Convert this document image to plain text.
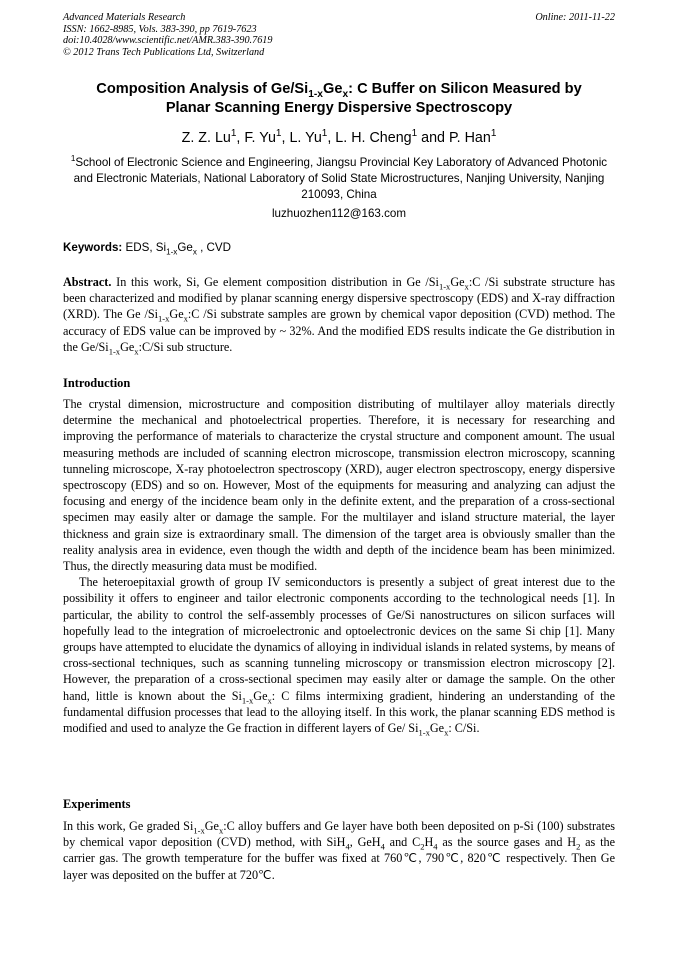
Advanced Materials Research
ISSN: 1662-8985, Vols. 383-390, pp 7619-7623
doi:10.4028/www.scientific.net/AMR.383-390.7619
© 2012 Trans Tech Publications Ltd, Switzerland
Online: 2011-11-22
Composition Analysis of $Ge/Si_{1-x}Ge_x$: C Buffer on Silicon Measured by
Planar Scanning Energy Dispersive Spectroscopy
Z. Z. Lu$^1$, F. Yu$^1$, L. Yu$^1$, L. H. Cheng$^1$ and P. Han$^1$
$^1$School of Electronic Science and Engineering, Jiangsu Provincial Key Laboratory of Advanced Photonic and Electronic Materials, National Laboratory of Solid State Microstructures, Nanjing University, Nanjing 210093, China
luzhuozhen112@163.com
Keywords: EDS, $Si_{1-x}Ge_x$ , CVD

Abstract. In this work, Si, Ge element composition distribution in Ge $/Si_{1-x}Ge_x:C$ /Si substrate structure has been characterized and modified by planar scanning energy dispersive spectroscopy (EDS) and X-ray diffraction (XRD). The Ge $/Si_{1-x}Ge_x:C$ /Si substrate samples are grown by chemical vapor deposition (CVD) method. The accuracy of EDS value can be improved by ~ 32%. And the modified EDS results indicate the Ge distribution in the $Ge/Si_{1-x}Ge_x:C/Si$ sub structure.

Introduction

The crystal dimension, microstructure and composition distributing of multilayer alloy materials directly determine the mechanical and photoelectrical properties. Therefore, it is necessary for researching and improving the performance of materials to characterize the crystal structure and component amount. The usual measuring methods are included of scanning electron microscope, transmission electron microscopy, scanning tunneling microscope, X-ray photoelectron spectroscopy (XRD), auger electron spectroscopy, energy dispersive spectroscopy (EDS) and so on. However, Most of the equipments for measuring and analyzing can adjust the focusing and energy of the incidence beam only in the definite extent, and the preparation of a cross-sectional specimen may easily alter or damage the sample. For the multilayer and island structure material, the layer thickness and grain size is extraordinary small. The dimension of the target area is obviously smaller than the reality analysis area in evidence, even though the width and depth of the incidence beam has been minimized. Thus, the directly measuring data must be modified.

The heteroepitaxial growth of group IV semiconductors is presently a subject of great interest due to the possibility it offers to engineer and tailor electronic components according to the technological needs [1]. In particular, the ability to control the self-assembly processes of Ge/Si nanostructures on silicon surfaces will hopefully lead to the integration of microelectronic and optoelectronic devices on the same Si chip [1]. Many groups have attempted to elucidate the dynamics of alloying in individual islands in related systems, by means of cross-sectional techniques, such as scanning tunneling microscopy or transmission electron microscopy [2]. However, the preparation of a cross-sectional specimen may easily alter or damage the sample. On the other hand, little is known about the $Si_{1-x}Ge_x$: C films intermixing gradient, hindering an understanding of the fundamental diffusion processes that lead to the alloying itself. In this work, the planar scanning EDS method is modified and used to analyze the Ge fraction in different layers of Ge/ $Si_{1-x}Ge_x$: C/Si.

Experiments

In this work, Ge graded $Si_{1-x}Ge_x:C$ alloy buffers and Ge layer have both been deposited on p-Si (100) substrates by chemical vapor deposition (CVD) method, with SiH$_4$, GeH$_4$ and $C_2H_4$ as the source gases and $H_2$ as the carrier gas. The growth temperature for the buffer was fixed at 760℃, 790℃, 820℃ respectively. Then Ge layer was deposited on the buffer at 720℃.
